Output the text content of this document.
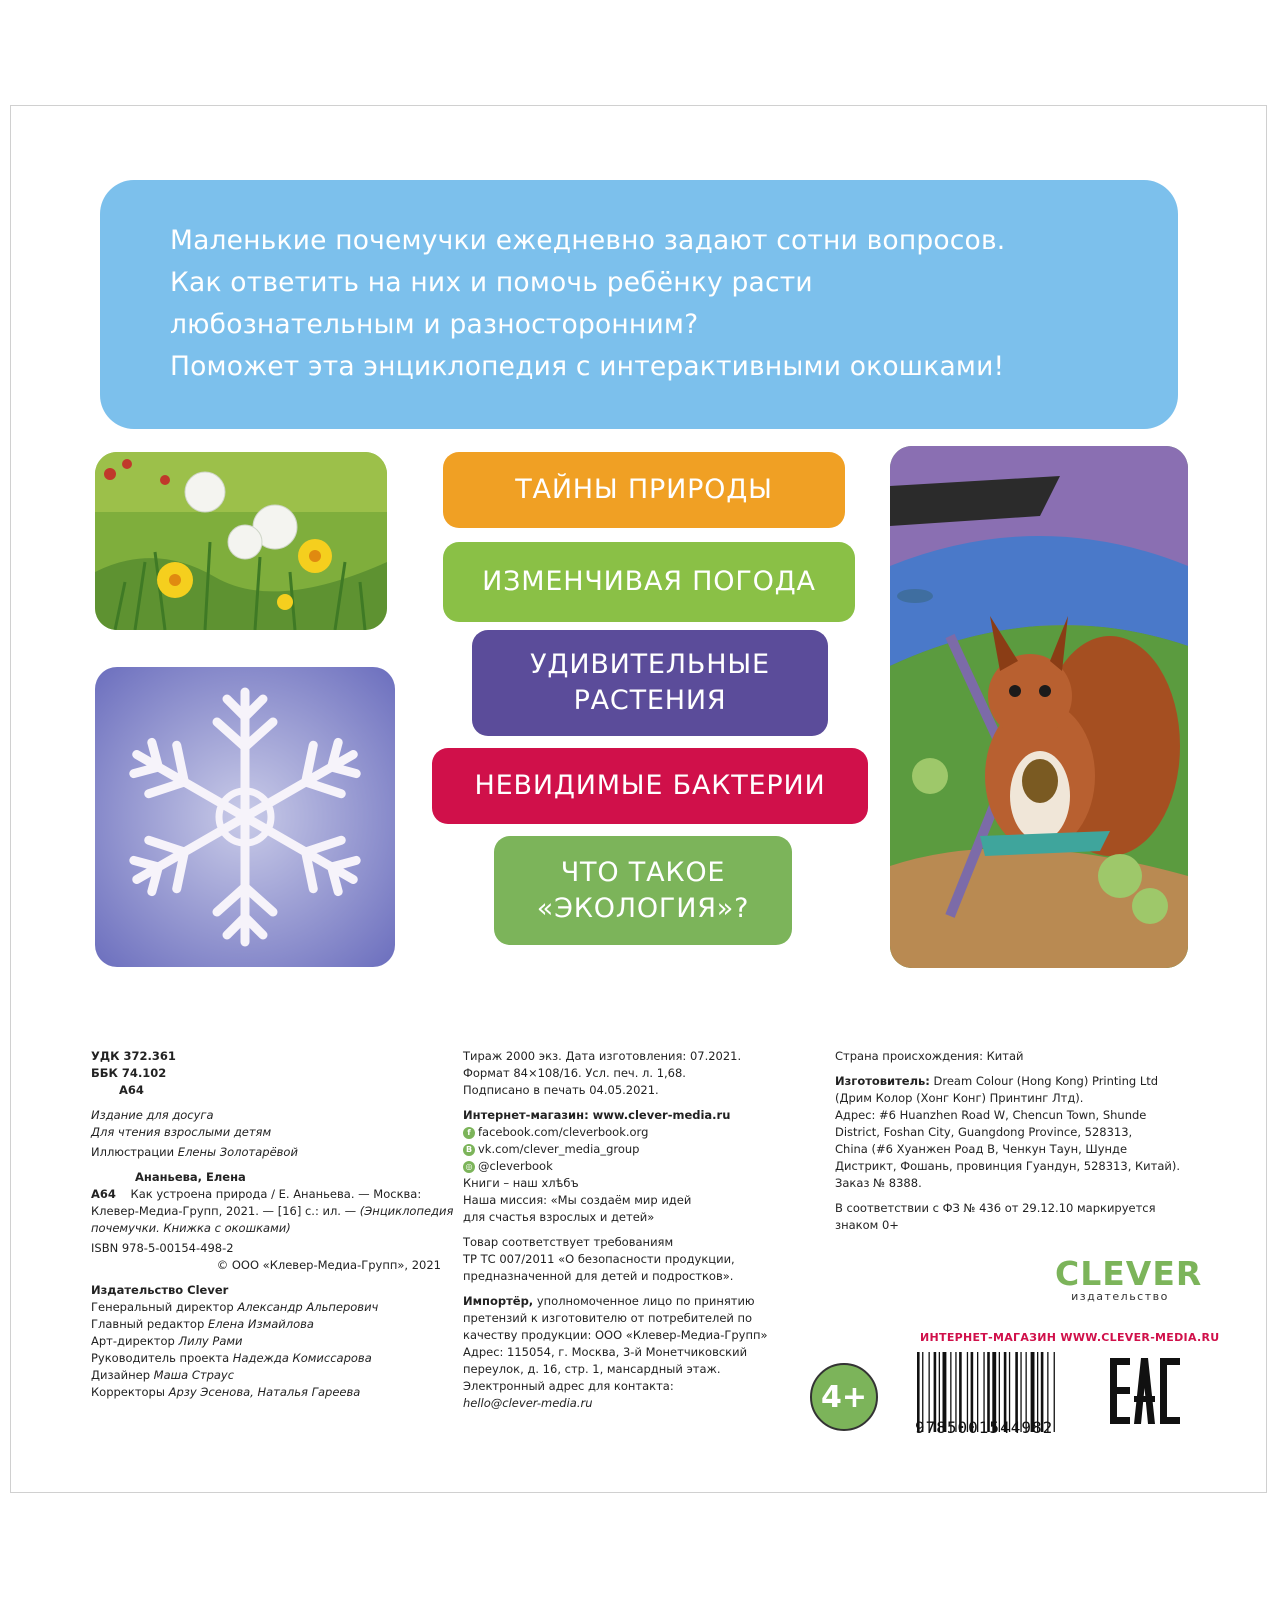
Маленькие почемучки ежедневно задают сотни вопросов.

Как ответить на них и помочь ребёнку расти

любознательным и разносторонним?

Поможет эта энциклопедия с интерактивными окошками!

ТАЙНЫ ПРИРОДЫ
ИЗМЕНЧИВАЯ ПОГОДА
УДИВИТЕЛЬНЫЕ
РАСТЕНИЯ
НЕВИДИМЫЕ БАКТЕРИИ
ЧТО ТАКОЕ
«ЭКОЛОГИЯ»?

УДК 372.361

ББК 74.102

А64

Издание для досуга

Для чтения взрослыми детям

Иллюстрации Елены Золотарёвой

Ананьева, Елена

А64 Как устроена природа / Е. Ананьева. — Москва:

Клевер-Медиа-Групп, 2021. — [16] с.: ил. — (Энциклопедия

почемучки. Книжка с окошками)

ISBN 978-5-00154-498-2

© ООО «Клевер-Медиа-Групп», 2021

Издательство Clever

Генеральный директор Александр Альперович

Главный редактор Елена Измайлова

Арт-директор Лилу Рами

Руководитель проекта Надежда Комиссарова

Дизайнер Маша Страус

Корректоры Арзу Эсенова, Наталья Гареева

Тираж 2000 экз. Дата изготовления: 07.2021.

Формат 84×108/16. Усл. печ. л. 1,68.

Подписано в печать 04.05.2021.

Интернет-магазин: www.clever-media.ru

f facebook.com/cleverbook.org

B vk.com/clever_media_group

◎ @cleverbook

Книги – наш хлѣбъ

Наша миссия: «Мы создаём мир идей

для счастья взрослых и детей»

Товар соответствует требованиям

ТР ТС 007/2011 «О безопасности продукции,

предназначенной для детей и подростков».

Импортёр, уполномоченное лицо по принятию

претензий к изготовителю от потребителей по

качеству продукции: ООО «Клевер-Медиа-Групп»

Адрес: 115054, г. Москва, 3-й Монетчиковский

переулок, д. 16, стр. 1, мансардный этаж.

Электронный адрес для контакта:

hello@clever-media.ru

Страна происхождения: Китай

Изготовитель: Dream Colour (Hong Kong) Printing Ltd

(Дрим Колор (Хонг Конг) Принтинг Лтд).

Адрес: #6 Huanzhen Road W, Chencun Town, Shunde

District, Foshan City, Guangdong Province, 528313,

China (#6 Хуанжен Роад В, Ченкун Таун, Шунде

Дистрикт, Фошань, провинция Гуандун, 528313, Китай).

Заказ № 8388.

В соответствии с ФЗ № 436 от 29.12.10 маркируется

знаком 0+

CLEVER
издательство
ИНТЕРНЕТ-МАГАЗИН WWW.CLEVER-MEDIA.RU
4+
9785001544982
